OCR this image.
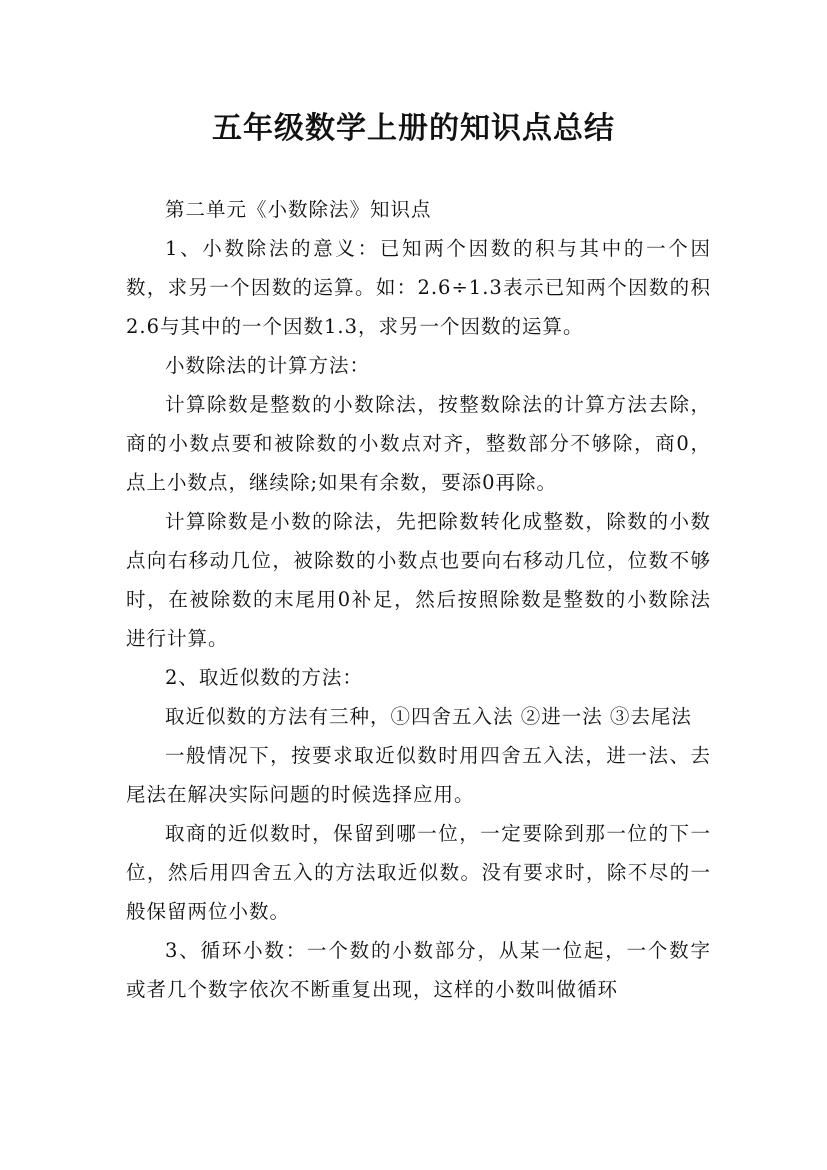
五年级数学上册的知识点总结

第二单元《小数除法》知识点

1、小数除法的意义：已知两个因数的积与其中的一个因数，求另一个因数的运算。如：2.6÷1.3表示已知两个因数的积2.6与其中的一个因数1.3，求另一个因数的运算。

小数除法的计算方法：

计算除数是整数的小数除法，按整数除法的计算方法去除，商的小数点要和被除数的小数点对齐，整数部分不够除，商0，点上小数点，继续除;如果有余数，要添0再除。

计算除数是小数的除法，先把除数转化成整数，除数的小数点向右移动几位，被除数的小数点也要向右移动几位，位数不够时，在被除数的末尾用0补足，然后按照除数是整数的小数除法进行计算。

2、取近似数的方法：

取近似数的方法有三种，①四舍五入法 ②进一法 ③去尾法

一般情况下，按要求取近似数时用四舍五入法，进一法、去尾法在解决实际问题的时候选择应用。

取商的近似数时，保留到哪一位，一定要除到那一位的下一位，然后用四舍五入的方法取近似数。没有要求时，除不尽的一般保留两位小数。

3、循环小数：一个数的小数部分，从某一位起，一个数字或者几个数字依次不断重复出现，这样的小数叫做循环
